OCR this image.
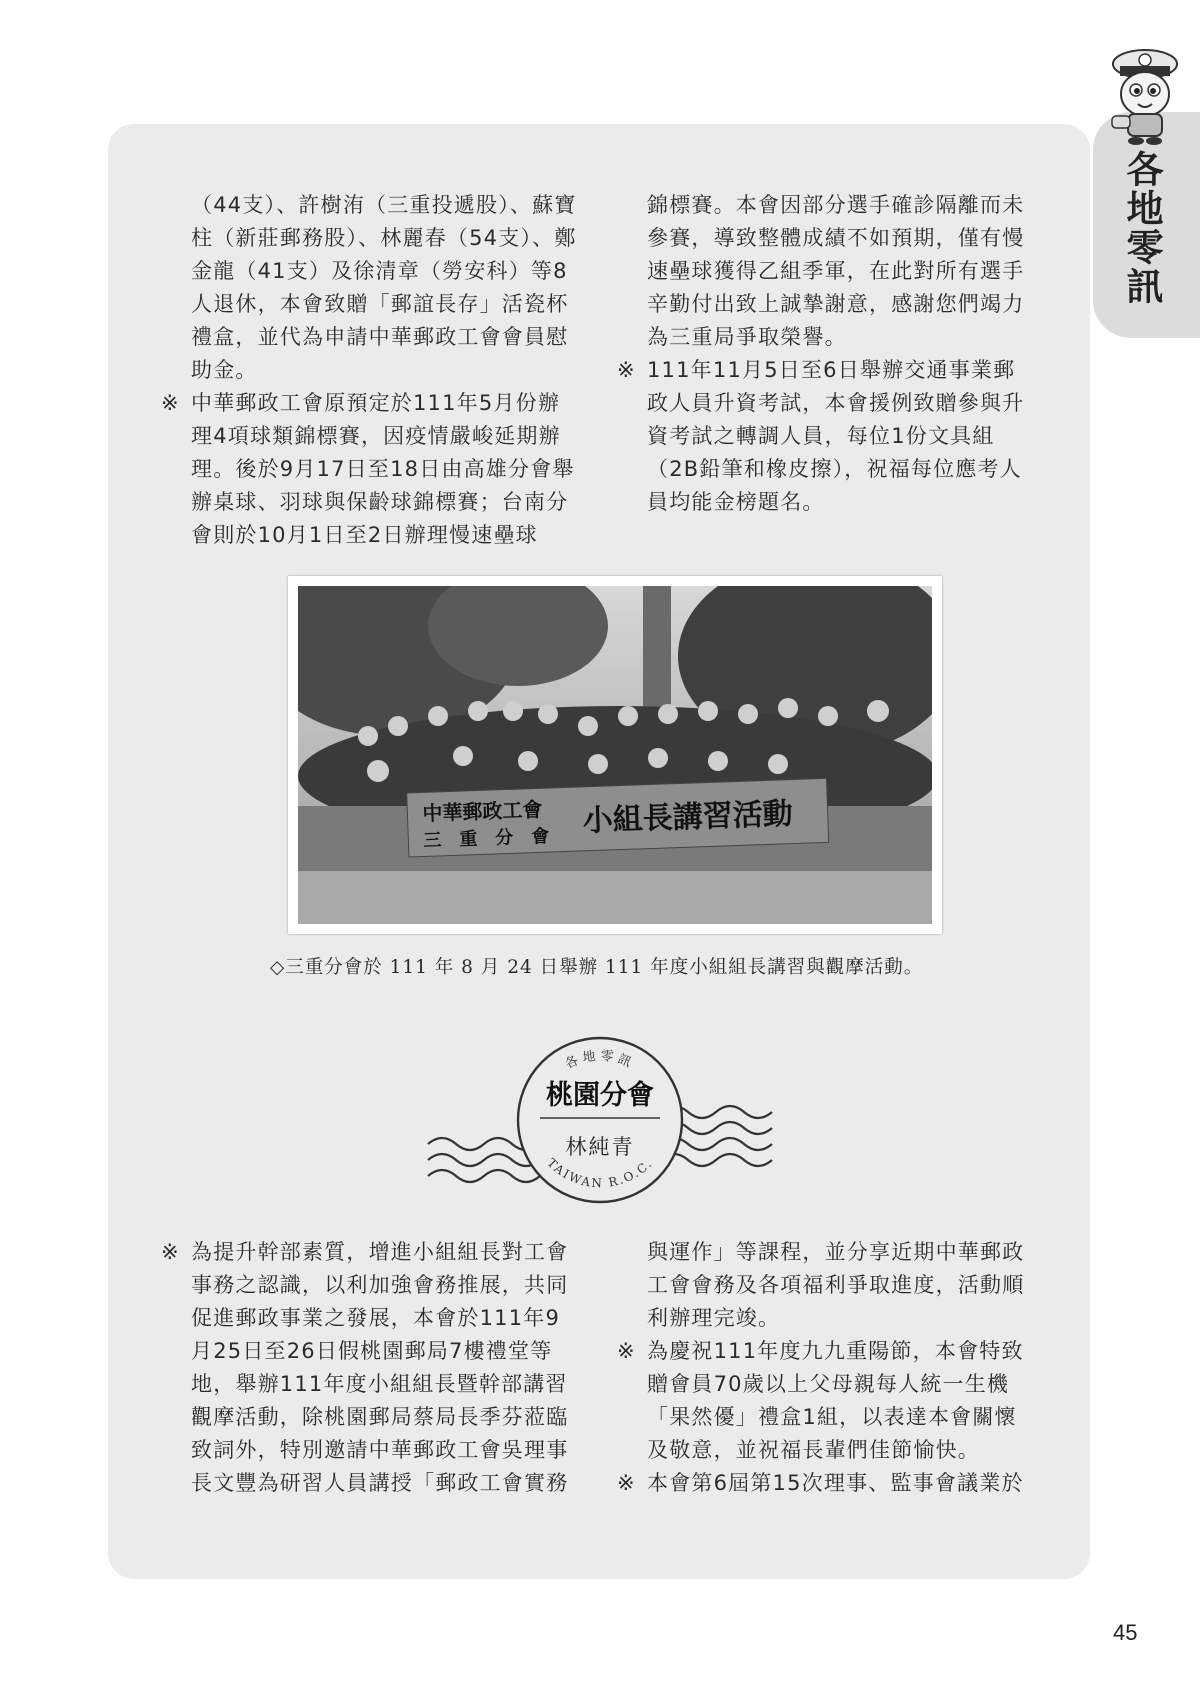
各地零訊

（44支）、許樹洧（三重投遞股）、蘇寶柱（新莊郵務股）、林麗春（54支）、鄭金龍（41支）及徐清章（勞安科）等8人退休，本會致贈「郵誼長存」活瓷杯禮盒，並代為申請中華郵政工會會員慰助金。

※ 中華郵政工會原預定於111年5月份辦理4項球類錦標賽，因疫情嚴峻延期辦理。後於9月17日至18日由高雄分會舉辦桌球、羽球與保齡球錦標賽；台南分會則於10月1日至2日辦理慢速壘球

錦標賽。本會因部分選手確診隔離而未參賽，導致整體成績不如預期，僅有慢速壘球獲得乙組季軍，在此對所有選手辛勤付出致上誠摯謝意，感謝您們竭力為三重局爭取榮譽。

※ 111年11月5日至6日舉辦交通事業郵政人員升資考試，本會援例致贈參與升資考試之轉調人員，每位1份文具組（2B鉛筆和橡皮擦），祝福每位應考人員均能金榜題名。

中華郵政工會
三　重　分　會 小組長講習活動
◇三重分會於 111 年 8 月 24 日舉辦 111 年度小組組長講習與觀摩活動。
各地零訊
桃園分會
林純青
TAIWAN R.O.C.

※ 為提升幹部素質，增進小組組長對工會事務之認識，以利加強會務推展，共同促進郵政事業之發展，本會於111年9月25日至26日假桃園郵局7樓禮堂等地，舉辦111年度小組組長暨幹部講習觀摩活動，除桃園郵局蔡局長季芬蒞臨致詞外，特別邀請中華郵政工會吳理事長文豐為研習人員講授「郵政工會實務

與運作」等課程，並分享近期中華郵政工會會務及各項福利爭取進度，活動順利辦理完竣。

※ 為慶祝111年度九九重陽節，本會特致贈會員70歲以上父母親每人統一生機「果然優」禮盒1組，以表達本會關懷及敬意，並祝福長輩們佳節愉快。

※ 本會第6屆第15次理事、監事會議業於

45
